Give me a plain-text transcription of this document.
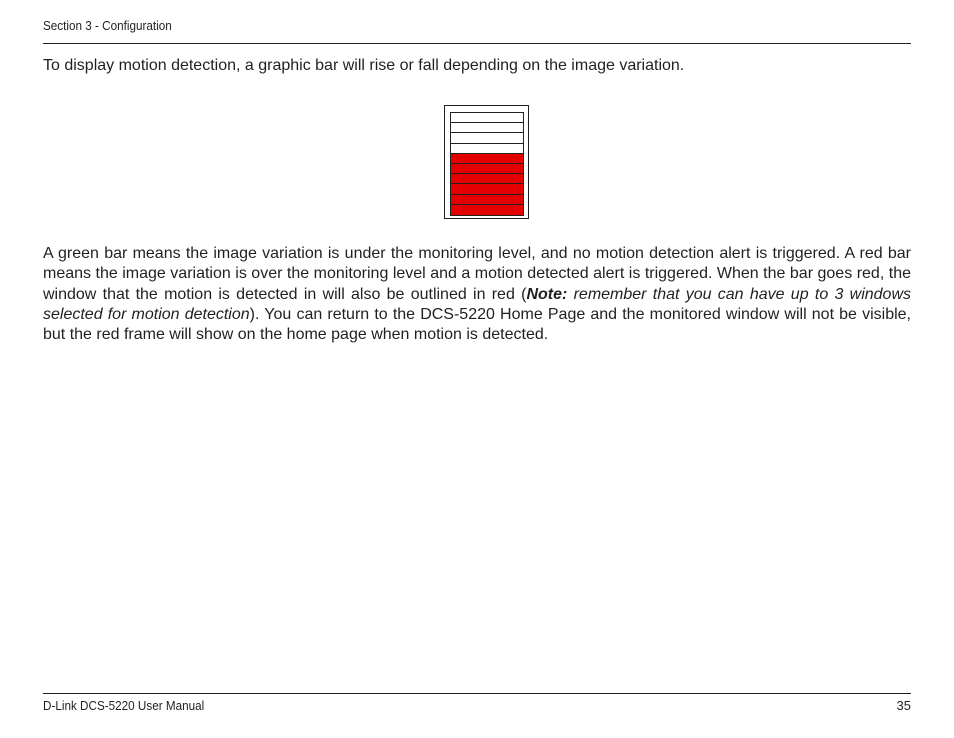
Section 3 - Configuration

To display motion detection, a graphic bar will rise or fall depending on the image variation.

A green bar means the image variation is under the monitoring level, and no motion detection alert is triggered. A red bar means the image variation is over the monitoring level and a motion detected alert is triggered. When the bar goes red, the window that the motion is detected in will also be outlined in red (Note: remember that you can have up to 3 windows selected for motion detection). You can return to the DCS-5220 Home Page and the monitored window will not be visible, but the red frame will show on the home page when motion is detected.

D-Link DCS-5220 User Manual	35
